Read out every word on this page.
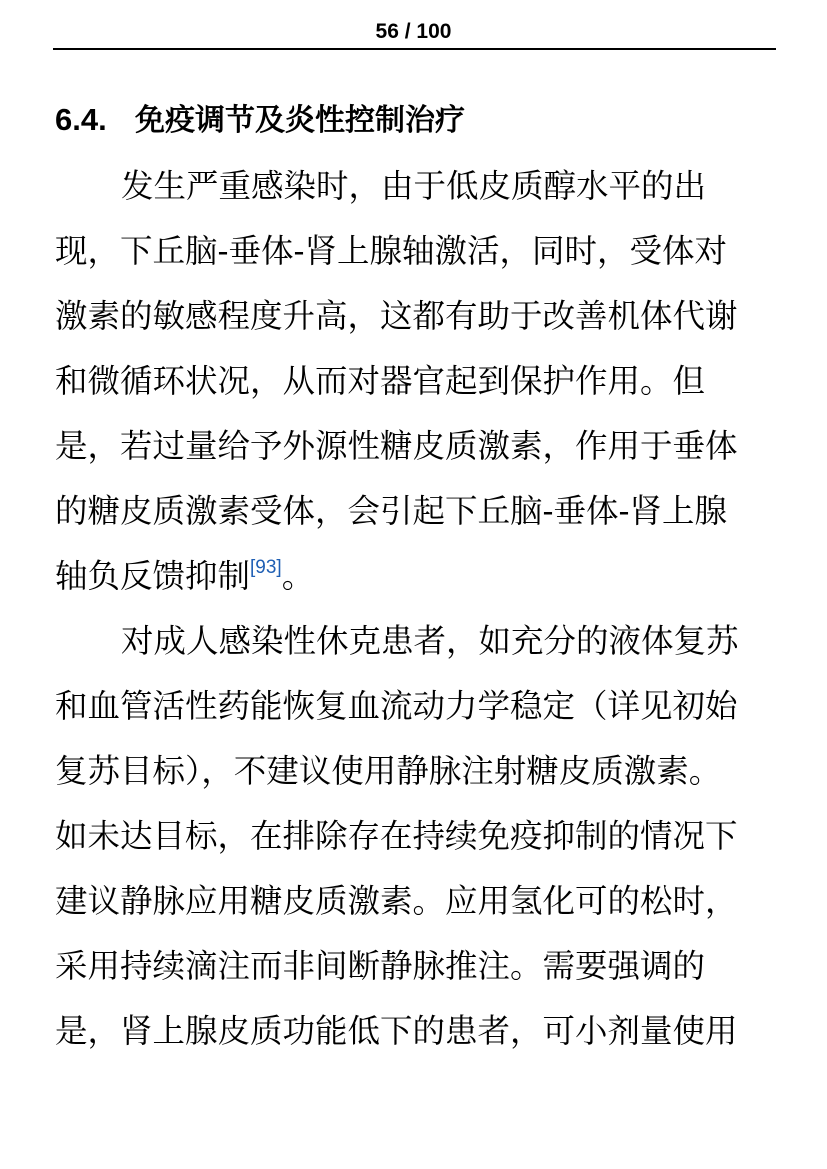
56 / 100
6.4. 免疫调节及炎性控制治疗
发生严重感染时，由于低皮质醇水平的出
现，下丘脑-垂体-肾上腺轴激活，同时，受体对
激素的敏感程度升高，这都有助于改善机体代谢
和微循环状况，从而对器官起到保护作用。但
是，若过量给予外源性糖皮质激素，作用于垂体
的糖皮质激素受体，会引起下丘脑-垂体-肾上腺
轴负反馈抑制[93]。
对成人感染性休克患者，如充分的液体复苏
和血管活性药能恢复血流动力学稳定（详见初始
复苏目标），不建议使用静脉注射糖皮质激素。
如未达目标，在排除存在持续免疫抑制的情况下
建议静脉应用糖皮质激素。应用氢化可的松时，
采用持续滴注而非间断静脉推注。需要强调的
是，肾上腺皮质功能低下的患者，可小剂量使用
